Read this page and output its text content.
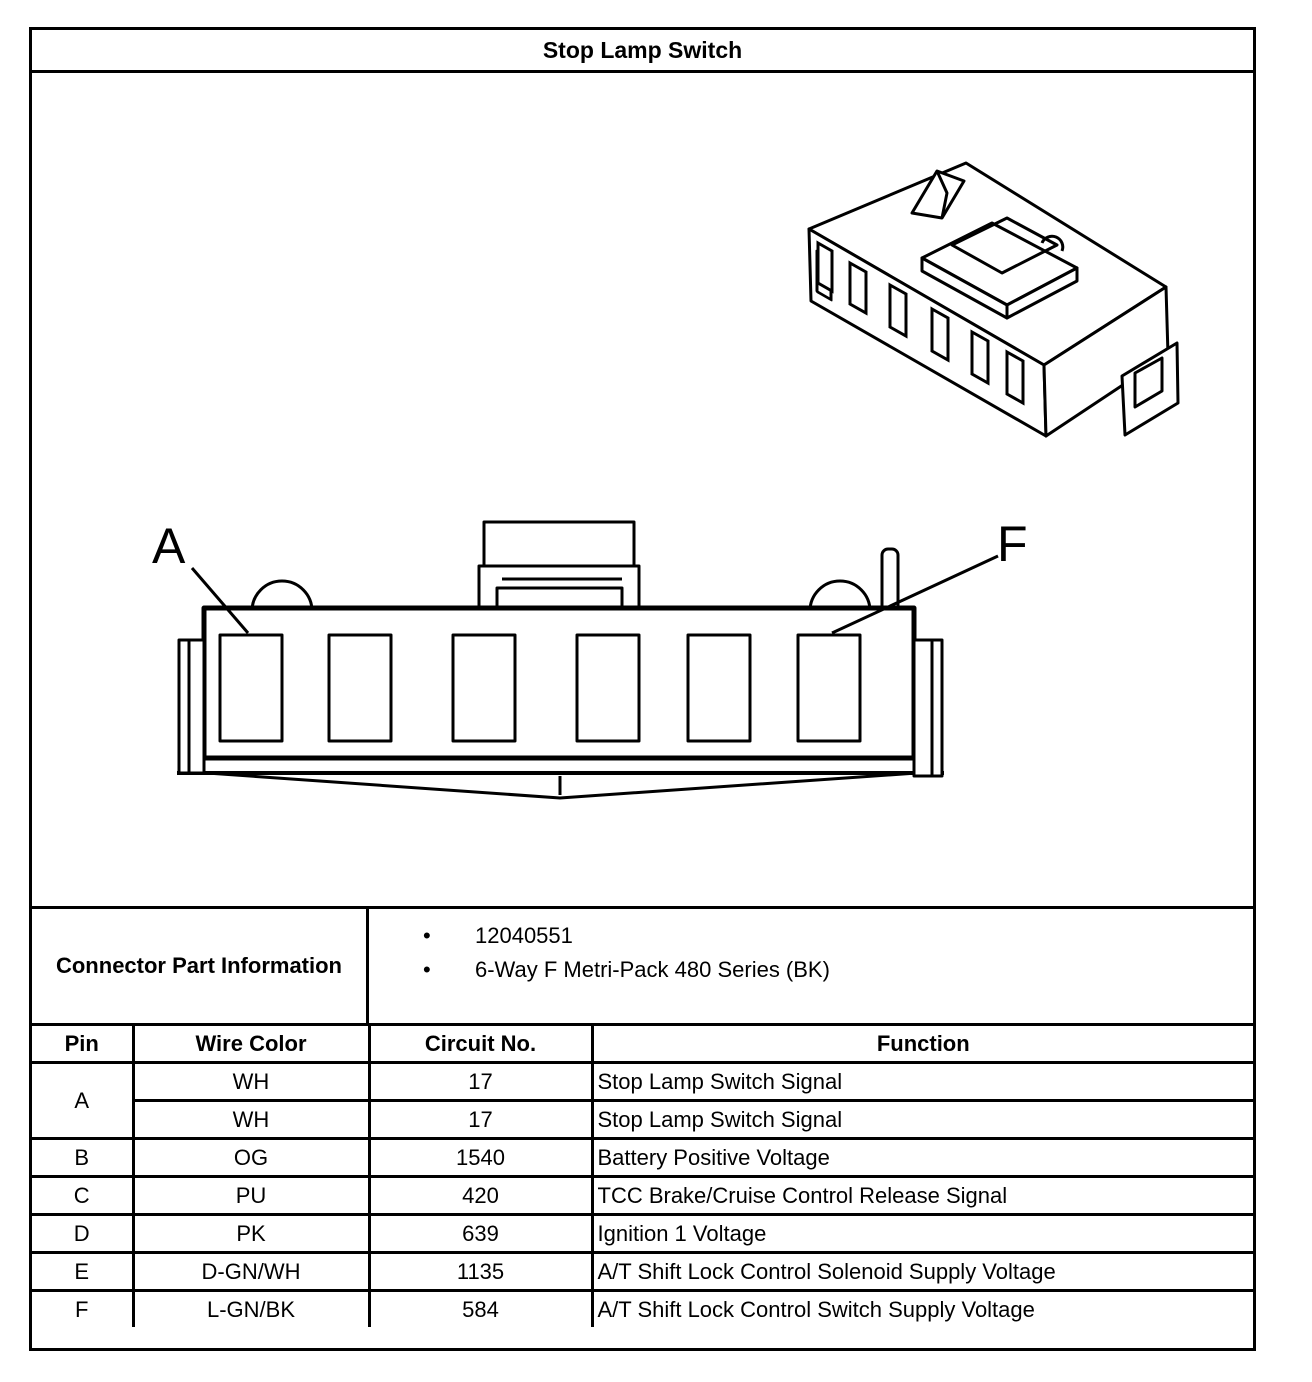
Stop Lamp Switch
A	F
Connector Part Information
• 12040551
• 6-Way F Metri-Pack 480 Series (BK)
Pin	Wire Color	Circuit No.	Function
A	WH	17	Stop Lamp Switch Signal
	WH	17	Stop Lamp Switch Signal
B	OG	1540	Battery Positive Voltage
C	PU	420	TCC Brake/Cruise Control Release Signal
D	PK	639	Ignition 1 Voltage
E	D-GN/WH	1135	A/T Shift Lock Control Solenoid Supply Voltage
F	L-GN/BK	584	A/T Shift Lock Control Switch Supply Voltage
